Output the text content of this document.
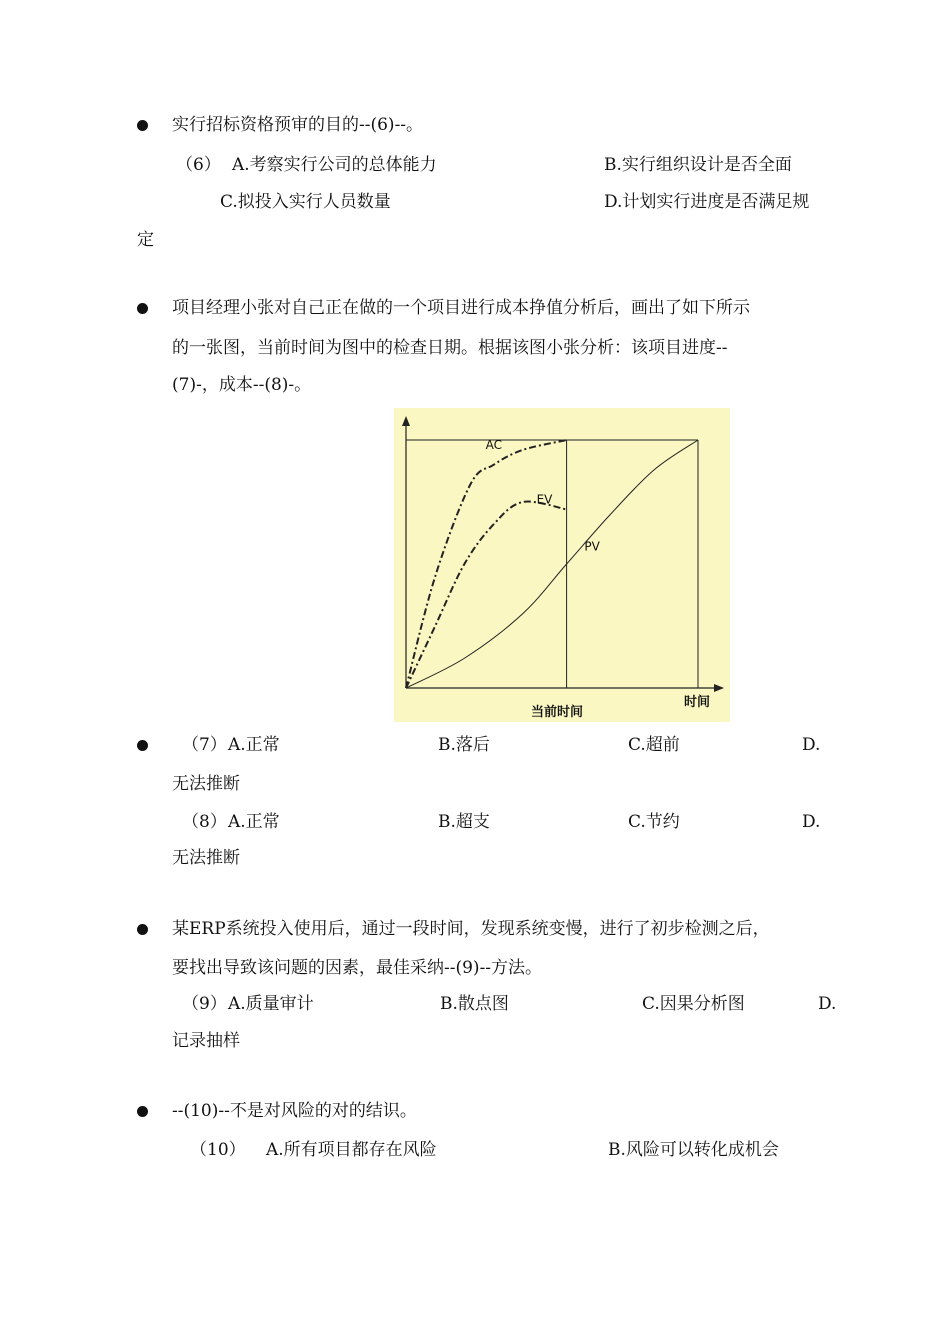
实行招标资格预审的目的--(6)--。
（6） A.考察实行公司的总体能力	B.实行组织设计是否全面
C.拟投入实行人员数量	D.计划实行进度是否满足规
定
项目经理小张对自己正在做的一个项目进行成本挣值分析后，画出了如下所示
的一张图，当前时间为图中的检查日期。根据该图小张分析：该项目进度--
(7)-，成本--(8)-。
AC
EV
PV
时间
当前时间
（7） A.正常	B.落后	C.超前	D.
无法推断
（8） A.正常	B.超支	C.节约	D.
无法推断
某ERP系统投入使用后，通过一段时间，发现系统变慢，进行了初步检测之后，
要找出导致该问题的因素，最佳采纳--(9)--方法。
（9） A.质量审计	B.散点图	C.因果分析图	D.
记录抽样
--(10)--不是对风险的对的结识。
（10） A.所有项目都存在风险	B.风险可以转化成机会
